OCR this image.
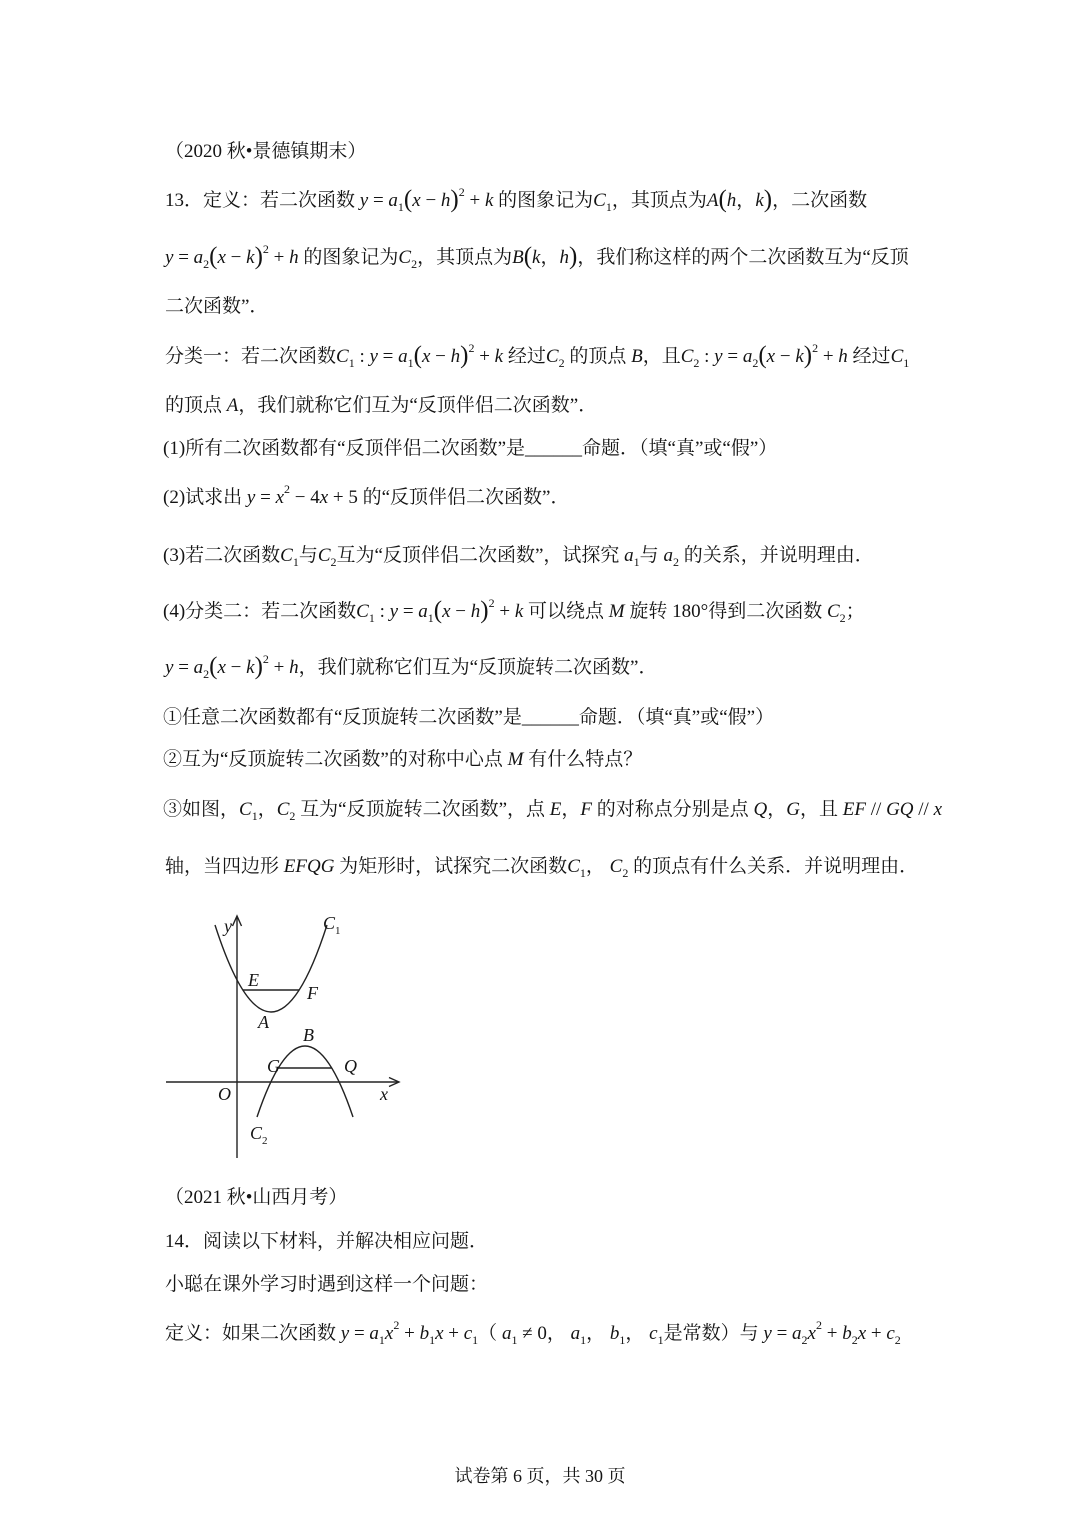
（2020 秋•景德镇期末）
13．定义：若二次函数 $y = a_1(x - h)^2 + k$ 的图象记为$C_1$，其顶点为A(h，k)，二次函数
$y = a_2(x - k)^2 + h$ 的图象记为$C_2$，其顶点为B(k，h)，我们称这样的两个二次函数互为“反顶
二次函数”．
分类一：若二次函数$C_1$ : $y = a_1(x - h)^2 + k$ 经过$C_2$ 的顶点 B，且$C_2$ : $y = a_2(x - k)^2 + h$ 经过$C_1$
的顶点 A，我们就称它们互为“反顶伴侣二次函数”．
(1)所有二次函数都有“反顶伴侣二次函数”是______命题．（填“真”或“假”）
(2)试求出 $y = x^2 - 4x + 5$ 的“反顶伴侣二次函数”．
(3)若二次函数$C_1$与$C_2$互为“反顶伴侣二次函数”，试探究 $a_1$与 $a_2$ 的关系，并说明理由．
(4)分类二：若二次函数$C_1$ : $y = a_1(x - h)^2 + k$ 可以绕点 M 旋转 180°得到二次函数 $C_2$；
$y = a_2(x - k)^2 + h$，我们就称它们互为“反顶旋转二次函数”．
①任意二次函数都有“反顶旋转二次函数”是______命题．（填“真”或“假”）
②互为“反顶旋转二次函数”的对称中心点 M 有什么特点？
③如图，$C_1$，$C_2$ 互为“反顶旋转二次函数”，点 E，F 的对称点分别是点 Q，G，且 EF // GQ // x
轴，当四边形 EFQG 为矩形时，试探究二次函数$C_1$， $C_2$ 的顶点有什么关系．并说明理由．
y
x
O
$C_1$
$C_2$
E
F
A
B
G	Q
（2021 秋•山西月考）
14．阅读以下材料，并解决相应问题．
小聪在课外学习时遇到这样一个问题：
定义：如果二次函数 $y = a_1x^2 + b_1x + c_1$（ $a_1 \ne 0$， $a_1$， $b_1$， $c_1$是常数）与 $y = a_2x^2 + b_2x + c_2$
试卷第 6 页，共 30 页
